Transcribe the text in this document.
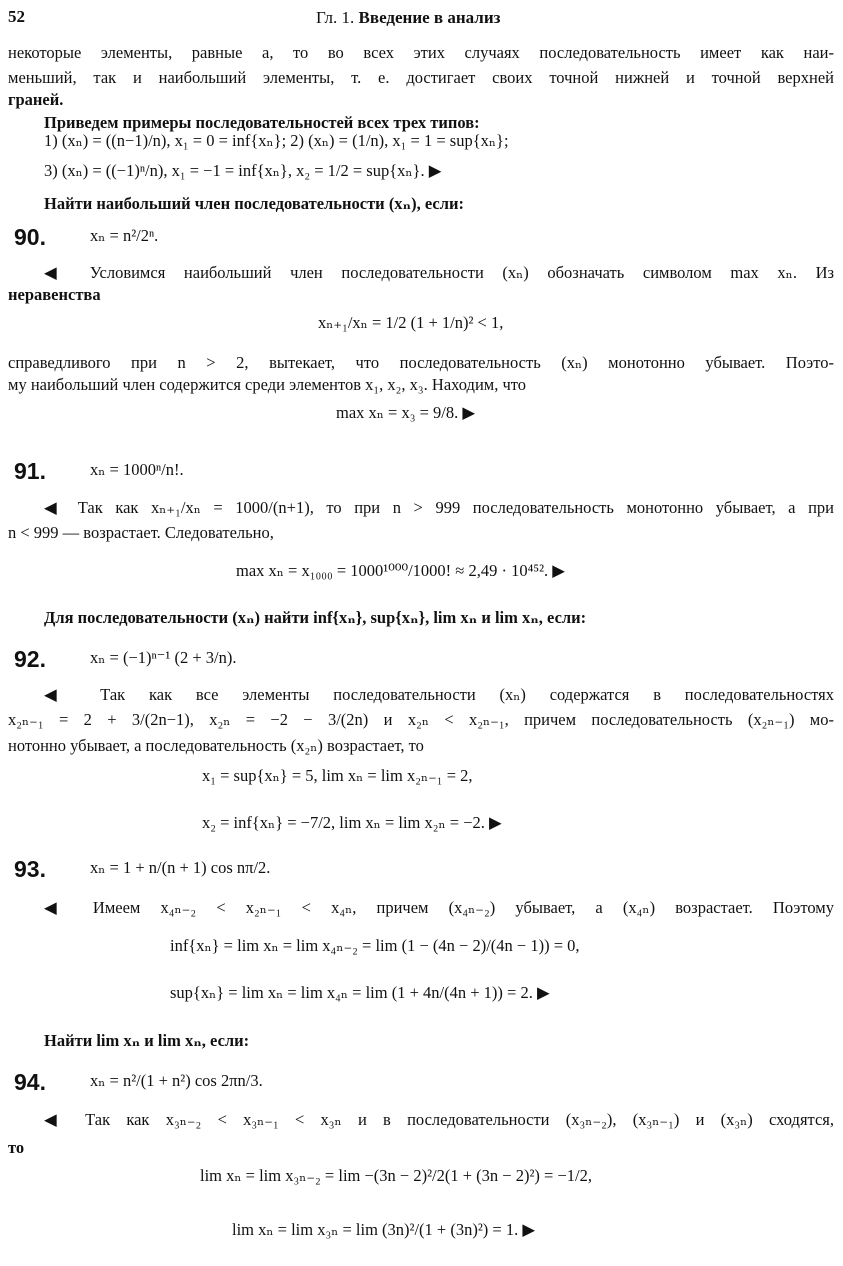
52	Гл. 1. Введение в анализ
некоторые элементы, равные a, то во всех этих случаях последовательность имеет как наи-
меньший, так и наибольший элементы, т. е. достигает своих точной нижней и точной верхней
граней.
Приведем примеры последовательностей всех трех типов:
1) (xₙ) = ((n−1)/n), x₁ = 0 = inf{xₙ}; 2) (xₙ) = (1/n), x₁ = 1 = sup{xₙ};
3) (xₙ) = ((−1)ⁿ/n), x₁ = −1 = inf{xₙ}, x₂ = 1/2 = sup{xₙ}. ▶
Найти наибольший член последовательности (xₙ), если:
90.	xₙ = n²/2ⁿ.
◀ Условимся наибольший член последовательности (xₙ) обозначать символом max xₙ. Из
неравенства
xₙ₊₁/xₙ = 1/2 (1 + 1/n)² < 1,
справедливого при n > 2, вытекает, что последовательность (xₙ) монотонно убывает. Поэто-
му наибольший член содержится среди элементов x₁, x₂, x₃. Находим, что
max xₙ = x₃ = 9/8. ▶
91.	xₙ = 1000ⁿ/n!.
◀ Так как xₙ₊₁/xₙ = 1000/(n+1), то при n > 999 последовательность монотонно убывает, а при
n < 999 — возрастает. Следовательно,
max xₙ = x₁₀₀₀ = 1000¹⁰⁰⁰/1000! ≈ 2,49 · 10⁴⁵². ▶
Для последовательности (xₙ) найти inf{xₙ}, sup{xₙ}, lim xₙ и lim xₙ, если:
92.	xₙ = (−1)ⁿ⁻¹ (2 + 3/n).
◀ Так как все элементы последовательности (xₙ) содержатся в последовательностях
x₂ₙ₋₁ = 2 + 3/(2n−1), x₂ₙ = −2 − 3/(2n) и x₂ₙ < x₂ₙ₋₁, причем последовательность (x₂ₙ₋₁) мо-
нотонно убывает, а последовательность (x₂ₙ) возрастает, то
x₁ = sup{xₙ} = 5, lim xₙ = lim x₂ₙ₋₁ = 2,
x₂ = inf{xₙ} = −7/2, lim xₙ = lim x₂ₙ = −2. ▶
93.	xₙ = 1 + n/(n + 1) cos nπ/2.
◀ Имеем x₄ₙ₋₂ < x₂ₙ₋₁ < x₄ₙ, причем (x₄ₙ₋₂) убывает, а (x₄ₙ) возрастает. Поэтому
inf{xₙ} = lim xₙ = lim x₄ₙ₋₂ = lim (1 − (4n − 2)/(4n − 1)) = 0,
sup{xₙ} = lim xₙ = lim x₄ₙ = lim (1 + 4n/(4n + 1)) = 2. ▶
Найти lim xₙ и lim xₙ, если:
94.	xₙ = n²/(1 + n²) cos 2πn/3.
◀ Так как x₃ₙ₋₂ < x₃ₙ₋₁ < x₃ₙ и в последовательности (x₃ₙ₋₂), (x₃ₙ₋₁) и (x₃ₙ) сходятся,
то
lim xₙ = lim x₃ₙ₋₂ = lim −(3n − 2)²/2(1 + (3n − 2)²) = −1/2,
lim xₙ = lim x₃ₙ = lim (3n)²/(1 + (3n)²) = 1. ▶
